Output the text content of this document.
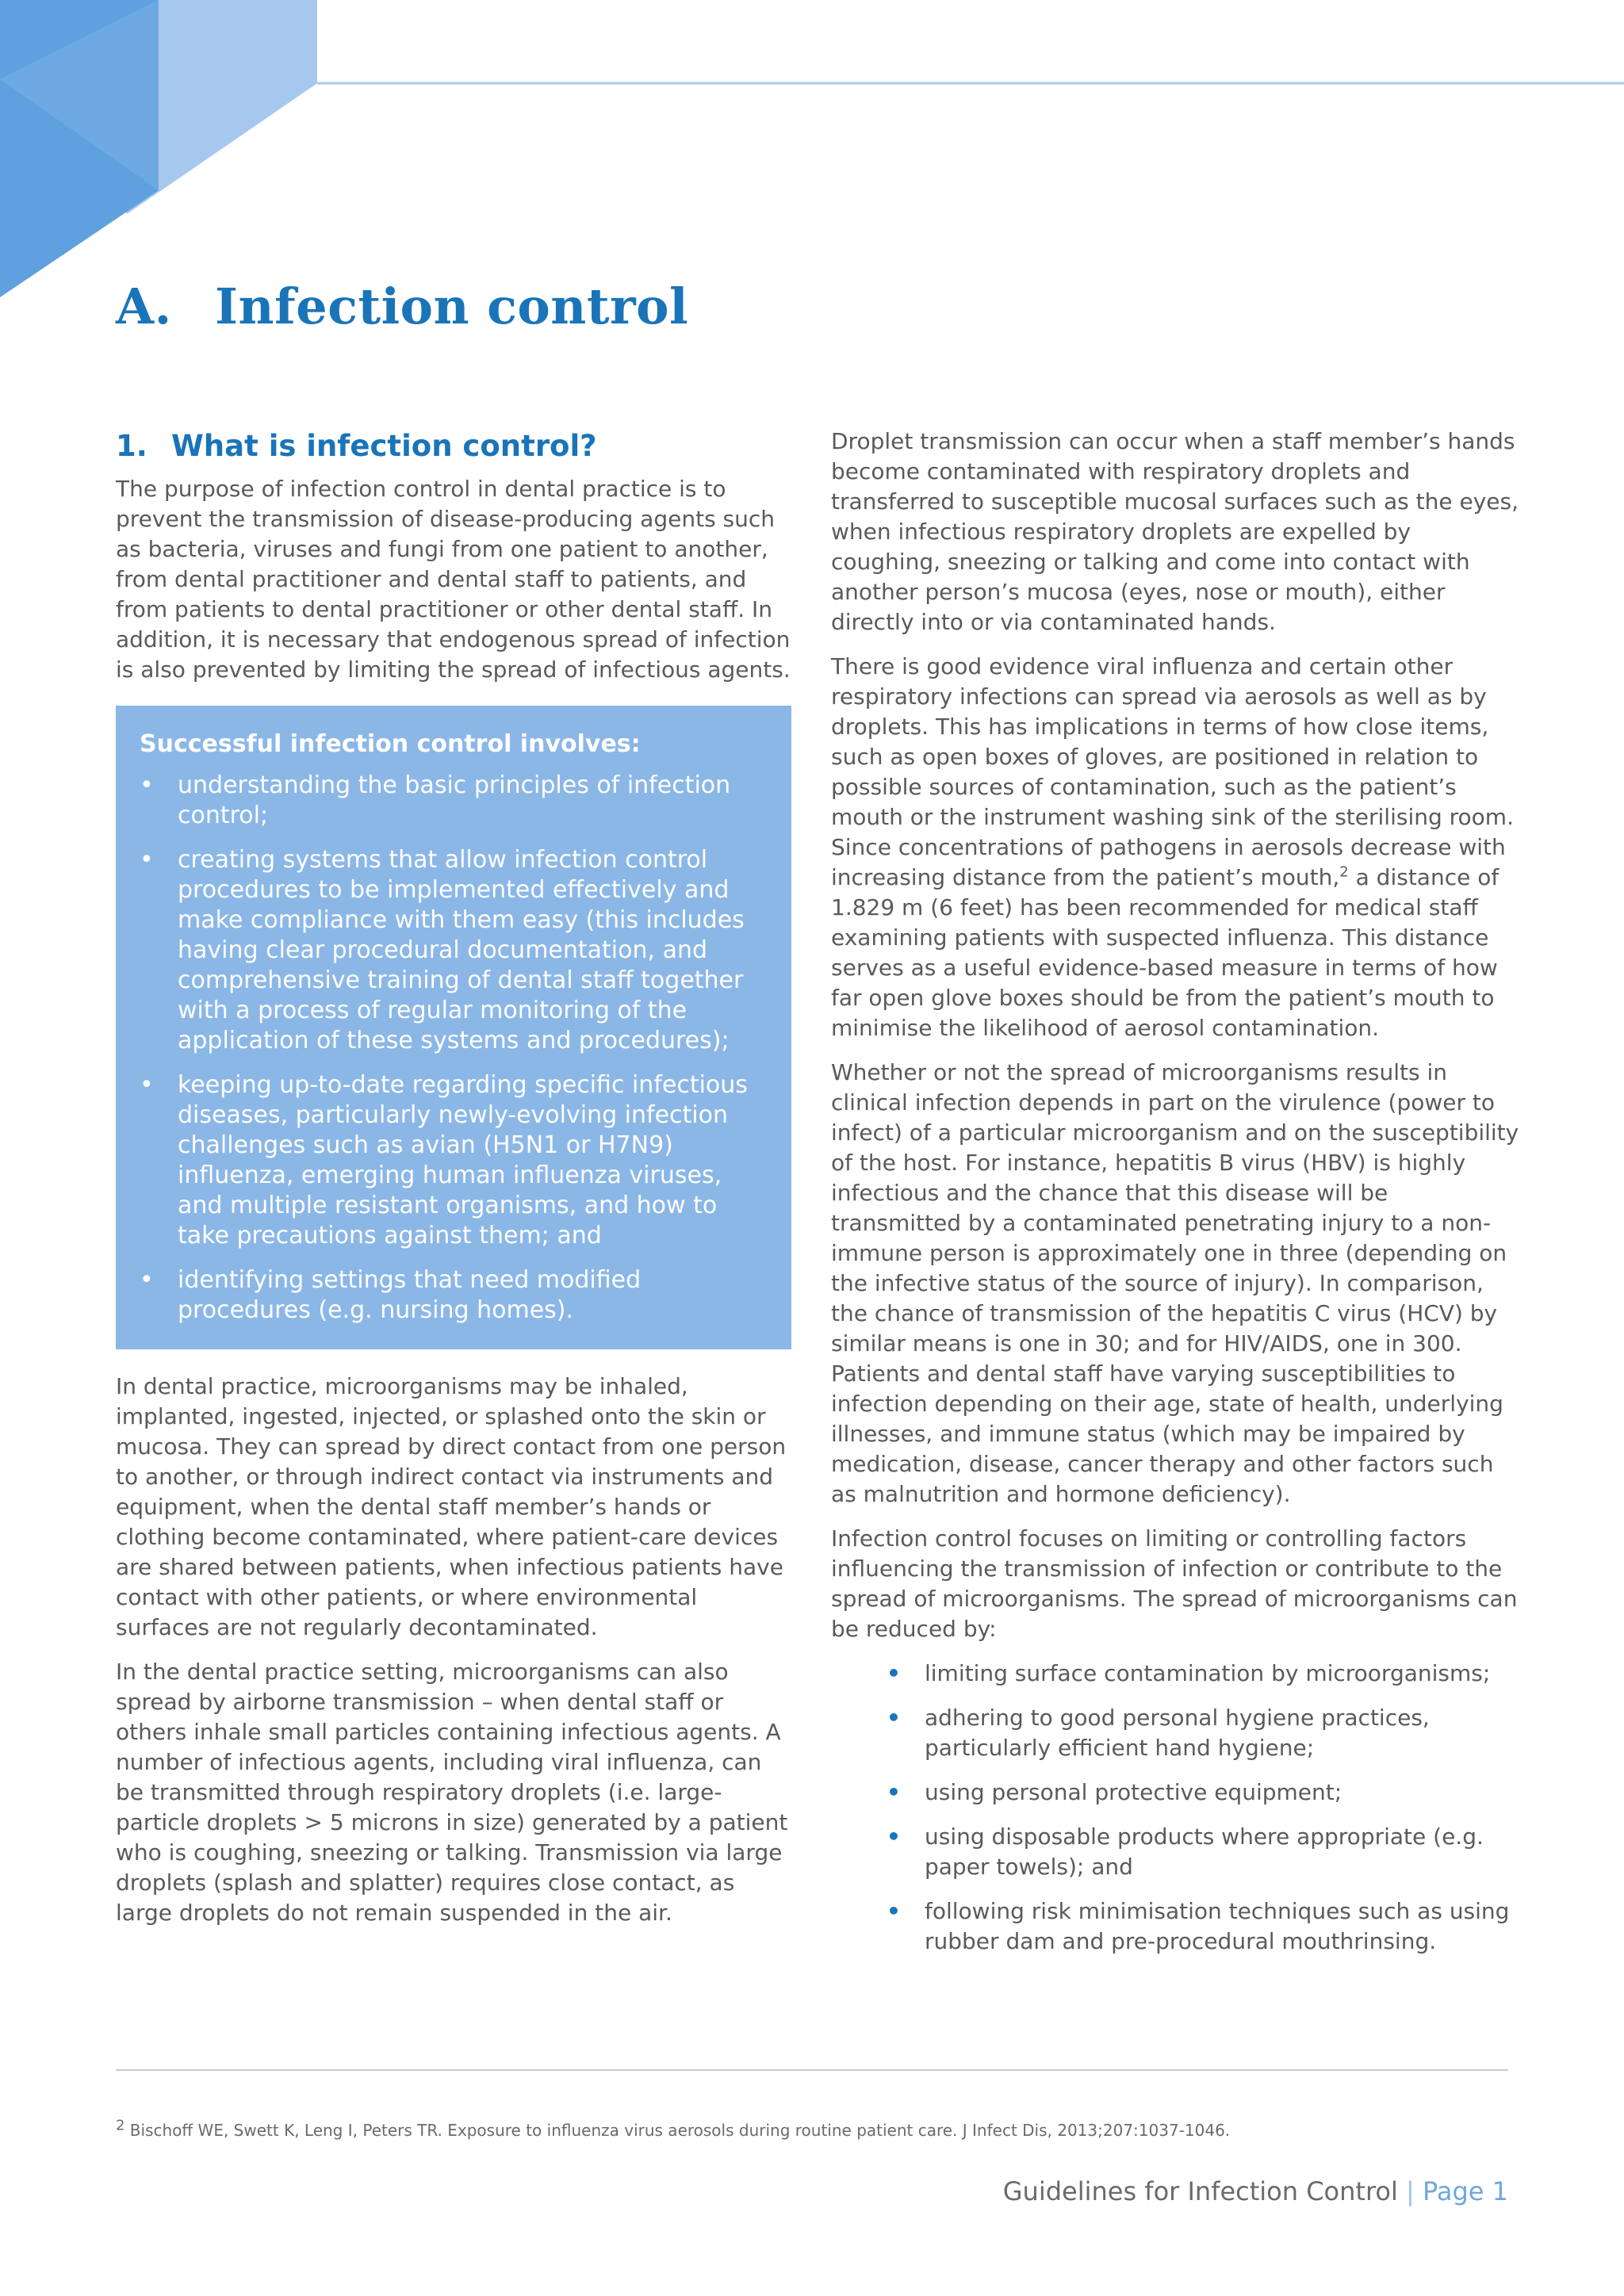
A. Infection control
1. What is infection control?

The purpose of infection control in dental practice is to prevent the transmission of disease-producing agents such as bacteria, viruses and fungi from one patient to another, from dental practitioner and dental staff to patients, and from patients to dental practitioner or other dental staff. In addition, it is necessary that endogenous spread of infection is also prevented by limiting the spread of infectious agents.

Successful infection control involves:
• understanding the basic principles of infection control;
• creating systems that allow infection control procedures to be implemented effectively and make compliance with them easy (this includes having clear procedural documentation, and comprehensive training of dental staff together with a process of regular monitoring of the application of these systems and procedures);
• keeping up-to-date regarding specific infectious diseases, particularly newly-evolving infection challenges such as avian (H5N1 or H7N9) influenza, emerging human influenza viruses, and multiple resistant organisms, and how to take precautions against them; and
• identifying settings that need modified procedures (e.g. nursing homes).

In dental practice, microorganisms may be inhaled, implanted, ingested, injected, or splashed onto the skin or mucosa. They can spread by direct contact from one person to another, or through indirect contact via instruments and equipment, when the dental staff member’s hands or clothing become contaminated, where patient-care devices are shared between patients, when infectious patients have contact with other patients, or where environmental surfaces are not regularly decontaminated.

In the dental practice setting, microorganisms can also spread by airborne transmission – when dental staff or others inhale small particles containing infectious agents. A number of infectious agents, including viral influenza, can be transmitted through respiratory droplets (i.e. large-particle droplets > 5 microns in size) generated by a patient who is coughing, sneezing or talking. Transmission via large droplets (splash and splatter) requires close contact, as large droplets do not remain suspended in the air.

Droplet transmission can occur when a staff member’s hands become contaminated with respiratory droplets and transferred to susceptible mucosal surfaces such as the eyes, when infectious respiratory droplets are expelled by coughing, sneezing or talking and come into contact with another person’s mucosa (eyes, nose or mouth), either directly into or via contaminated hands.

There is good evidence viral influenza and certain other respiratory infections can spread via aerosols as well as by droplets. This has implications in terms of how close items, such as open boxes of gloves, are positioned in relation to possible sources of contamination, such as the patient’s mouth or the instrument washing sink of the sterilising room. Since concentrations of pathogens in aerosols decrease with increasing distance from the patient’s mouth,$^2$ a distance of 1.829 m (6 feet) has been recommended for medical staff examining patients with suspected influenza. This distance serves as a useful evidence-based measure in terms of how far open glove boxes should be from the patient’s mouth to minimise the likelihood of aerosol contamination.

Whether or not the spread of microorganisms results in clinical infection depends in part on the virulence (power to infect) of a particular microorganism and on the susceptibility of the host. For instance, hepatitis B virus (HBV) is highly infectious and the chance that this disease will be transmitted by a contaminated penetrating injury to a non-immune person is approximately one in three (depending on the infective status of the source of injury). In comparison, the chance of transmission of the hepatitis C virus (HCV) by similar means is one in 30; and for HIV/AIDS, one in 300. Patients and dental staff have varying susceptibilities to infection depending on their age, state of health, underlying illnesses, and immune status (which may be impaired by medication, disease, cancer therapy and other factors such as malnutrition and hormone deficiency).

Infection control focuses on limiting or controlling factors influencing the transmission of infection or contribute to the spread of microorganisms. The spread of microorganisms can be reduced by:

• limiting surface contamination by microorganisms;
• adhering to good personal hygiene practices, particularly efficient hand hygiene;
• using personal protective equipment;
• using disposable products where appropriate (e.g. paper towels); and
• following risk minimisation techniques such as using rubber dam and pre-procedural mouthrinsing.
$^2$ Bischoff WE, Swett K, Leng I, Peters TR. Exposure to influenza virus aerosols during routine patient care. J Infect Dis, 2013;207:1037-1046.
Guidelines for Infection Control | Page 1
